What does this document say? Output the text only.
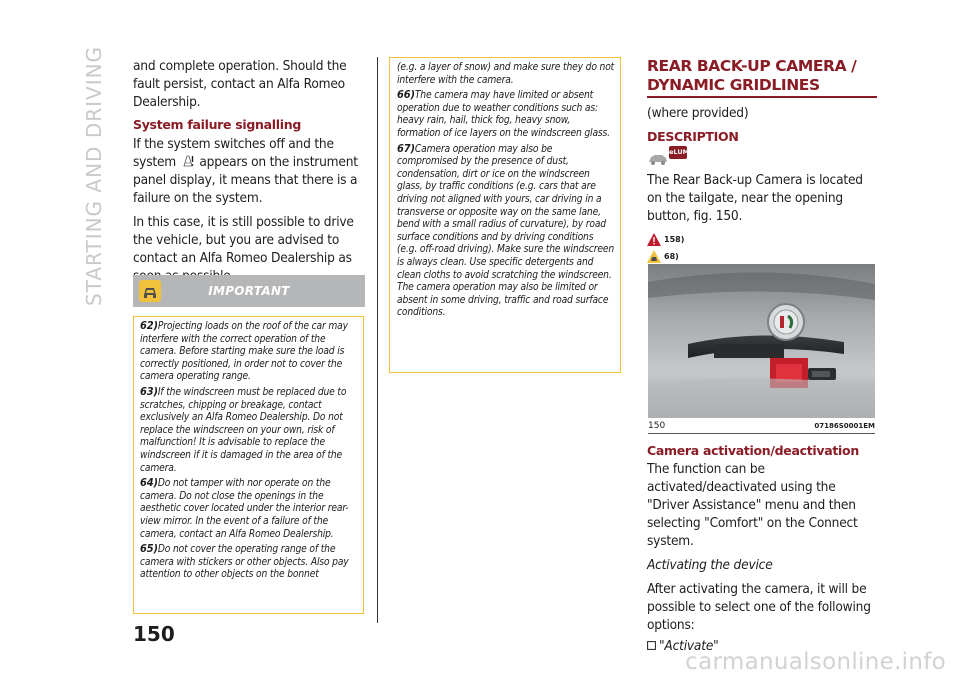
STARTING AND DRIVING and complete operation. Should the fault persist, contact an Alfa Romeo Dealership.

System failure signalling

If the system switches off and the system appears on the instrument panel display, it means that there is a failure on the system.

In this case, it is still possible to drive the vehicle, but you are advised to contact an Alfa Romeo Dealership as

IMPORTANT

62)Projecting loads on the roof of the car may interfere with the correct operation of the camera. Before starting make sure the load is correctly positioned, in order not to cover the camera operating range.

63)If the windscreen must be replaced due to scratches, chipping or breakage, contact exclusively an Alfa Romeo Dealership. Do not replace the windscreen on your own, risk of malfunction! It is advisable to replace the windscreen if it is damaged in the area of the camera.

64)Do not tamper with nor operate on the camera. Do not close the openings in the aesthetic cover located under the interior rear-view mirror. In the event of a failure of the camera, contact an Alfa Romeo Dealership.

65)Do not cover the operating range of the camera with stickers or other objects. Also pay attention to other objects on the bonnet

(e.g. a layer of snow) and make sure they do not interfere with the camera.

66)The camera may have limited or absent operation due to weather conditions such as: heavy rain, hail, thick fog, heavy snow, formation of ice layers on the windscreen glass.

67)Camera operation may also be compromised by the presence of dust, condensation, dirt or ice on the windscreen glass, by traffic conditions (e.g. cars that are driving not aligned with yours, car driving in a transverse or opposite way on the same lane, bend with a small radius of curvature), by road surface conditions and by driving conditions (e.g. off-road driving). Make sure the windscreen is always clean. Use specific detergents and clean cloths to avoid scratching the windscreen. The camera operation may also be limited or absent in some driving, traffic and road surface conditions.

REAR BACK-UP CAMERA /
DYNAMIC GRIDLINES

(where provided)

DESCRIPTION
eLUM

The Rear Back-up Camera is located on the tailgate, near the opening button, fig. 150.

158)
68)
150	07186S0001EM
Camera activation/deactivation

The function can be activated/deactivated using the "Driver Assistance" menu and then selecting "Comfort" on the Connect system.

Activating the device

After activating the camera, it will be possible to select one of the following options:

"Activate"

150
carmanualsonline.info
